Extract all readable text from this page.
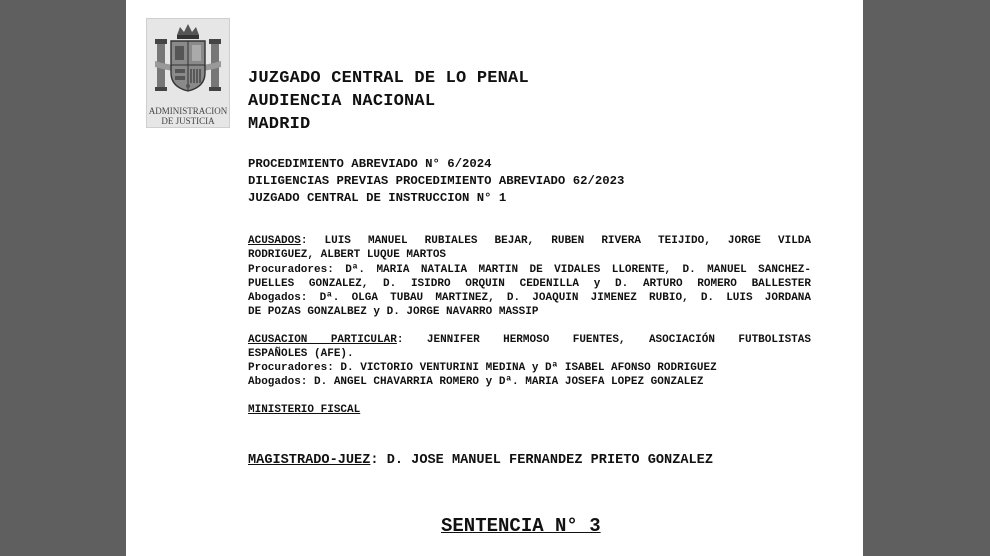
ADMINISTRACION
DE JUSTICIA
JUZGADO CENTRAL DE LO PENAL
AUDIENCIA NACIONAL
MADRID
PROCEDIMIENTO ABREVIADO N° 6/2024
DILIGENCIAS PREVIAS PROCEDIMIENTO ABREVIADO 62/2023
JUZGADO CENTRAL DE INSTRUCCION N° 1
ACUSADOS: LUIS MANUEL RUBIALES BEJAR, RUBEN RIVERA TEIJIDO, JORGE VILDA
RODRIGUEZ, ALBERT LUQUE MARTOS
Procuradores: Dª. MARIA NATALIA MARTIN DE VIDALES LLORENTE, D. MANUEL SANCHEZ-
PUELLES GONZALEZ, D. ISIDRO ORQUIN CEDENILLA y D. ARTURO ROMERO BALLESTER
Abogados: Dª. OLGA TUBAU MARTINEZ, D. JOAQUIN JIMENEZ RUBIO, D. LUIS JORDANA
DE POZAS GONZALBEZ y D. JORGE NAVARRO MASSIP
ACUSACION PARTICULAR: JENNIFER HERMOSO FUENTES, ASOCIACIÓN FUTBOLISTAS
ESPAÑOLES (AFE).
Procuradores: D. VICTORIO VENTURINI MEDINA y Dª ISABEL AFONSO RODRIGUEZ
Abogados: D. ANGEL CHAVARRIA ROMERO y Dª. MARIA JOSEFA LOPEZ GONZALEZ
MINISTERIO FISCAL
MAGISTRADO-JUEZ: D. JOSE MANUEL FERNANDEZ PRIETO GONZALEZ
SENTENCIA N° 3
